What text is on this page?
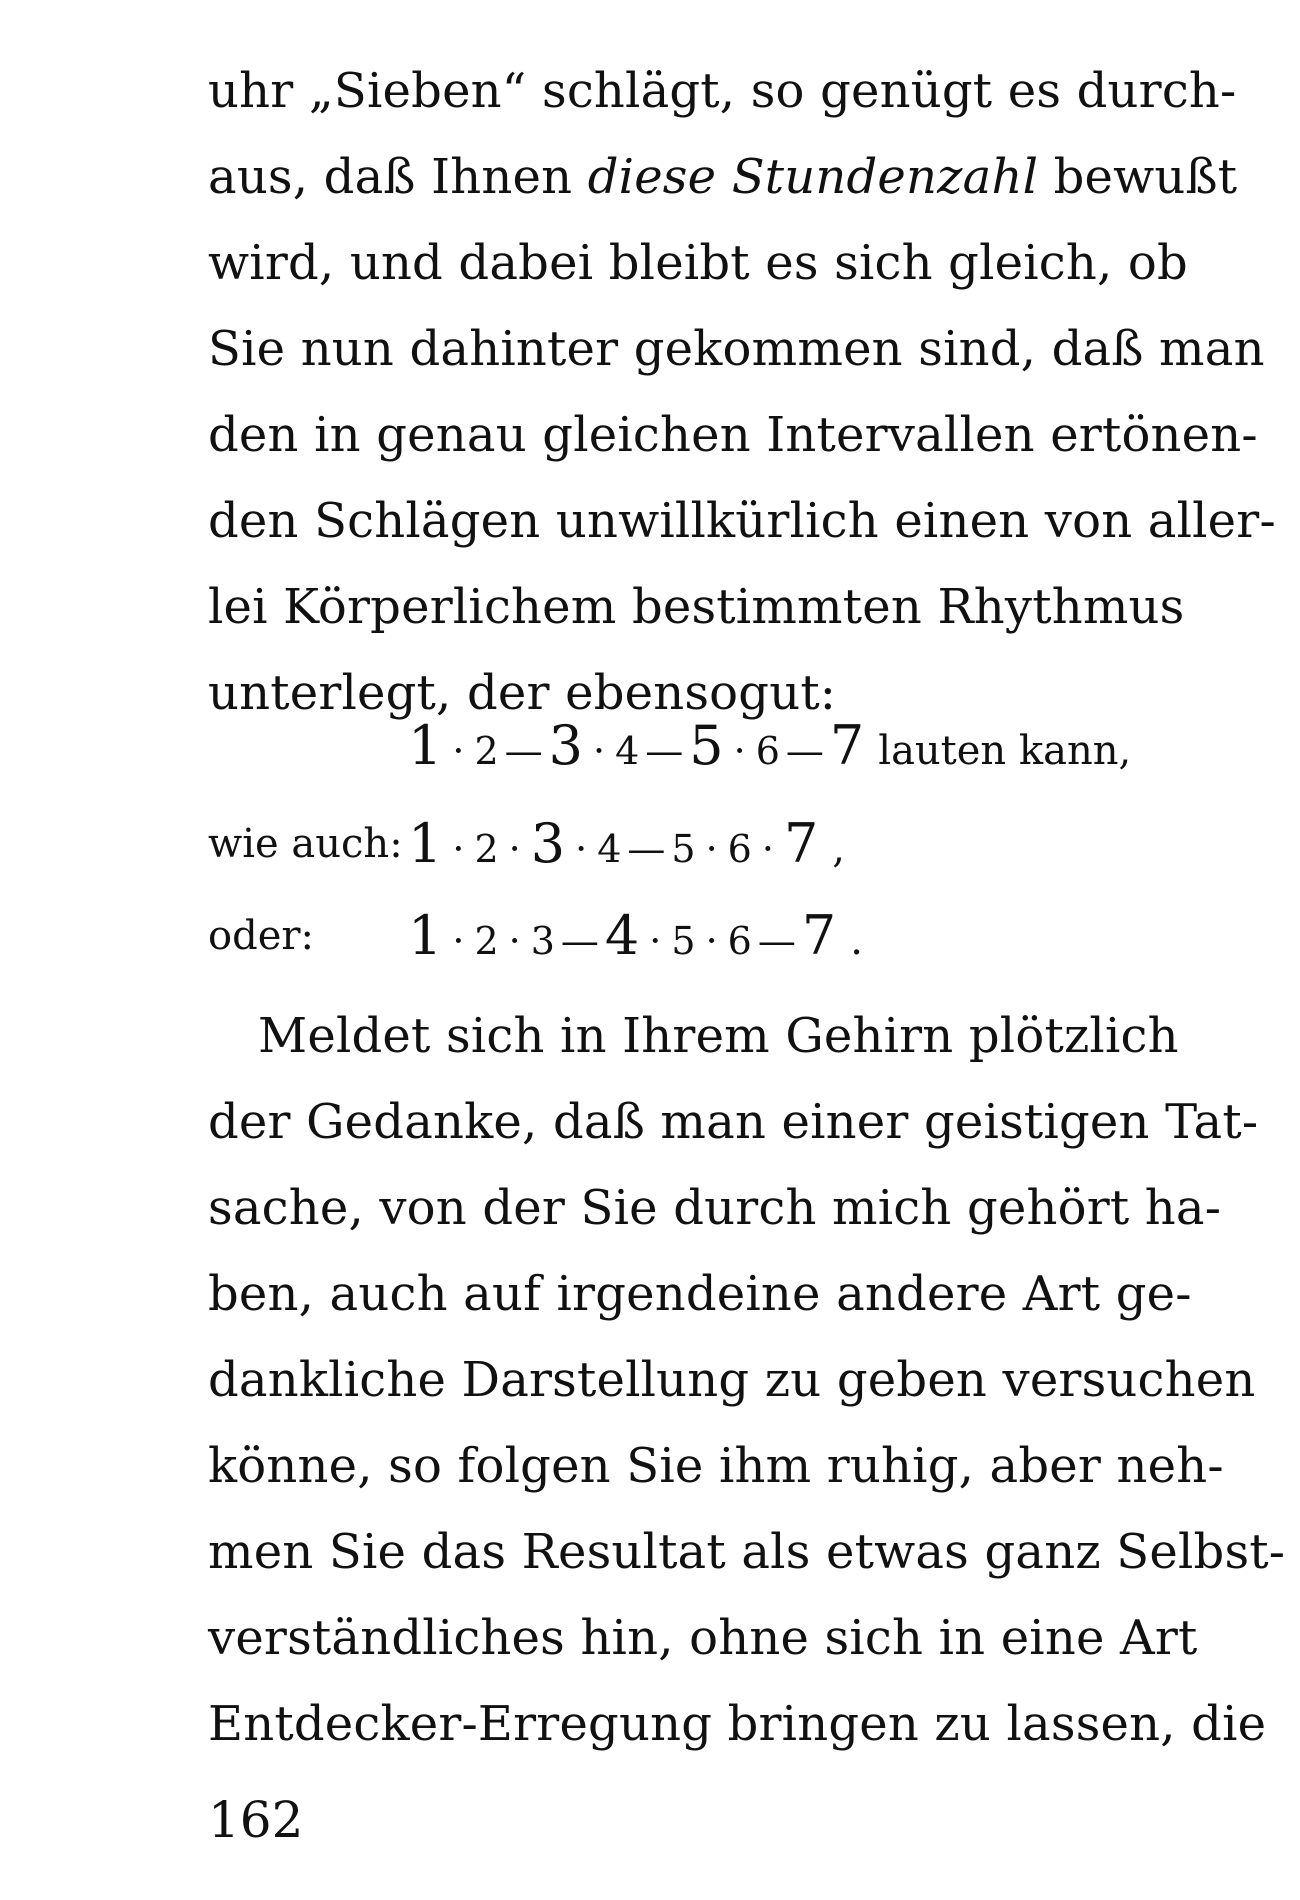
uhr „Sieben“ schlägt, so genügt es durch-
aus, daß Ihnen diese Stundenzahl bewußt
wird, und dabei bleibt es sich gleich, ob
Sie nun dahinter gekommen sind, daß man
den in genau gleichen Intervallen ertönen-
den Schlägen unwillkürlich einen von aller-
lei Körperlichem bestimmten Rhythmus
unterlegt, der ebensogut:
1 · 2 — 3 · 4 — 5 · 6 — 7 lauten kann,
wie auch: 1 · 2 · 3 · 4 — 5 · 6 · 7 ,
oder: 1 · 2 · 3 — 4 · 5 · 6 — 7 .
Meldet sich in Ihrem Gehirn plötzlich
der Gedanke, daß man einer geistigen Tat-
sache, von der Sie durch mich gehört ha-
ben, auch auf irgendeine andere Art ge-
dankliche Darstellung zu geben versuchen
könne, so folgen Sie ihm ruhig, aber neh-
men Sie das Resultat als etwas ganz Selbst-
verständliches hin, ohne sich in eine Art
Entdecker-Erregung bringen zu lassen, die
162
